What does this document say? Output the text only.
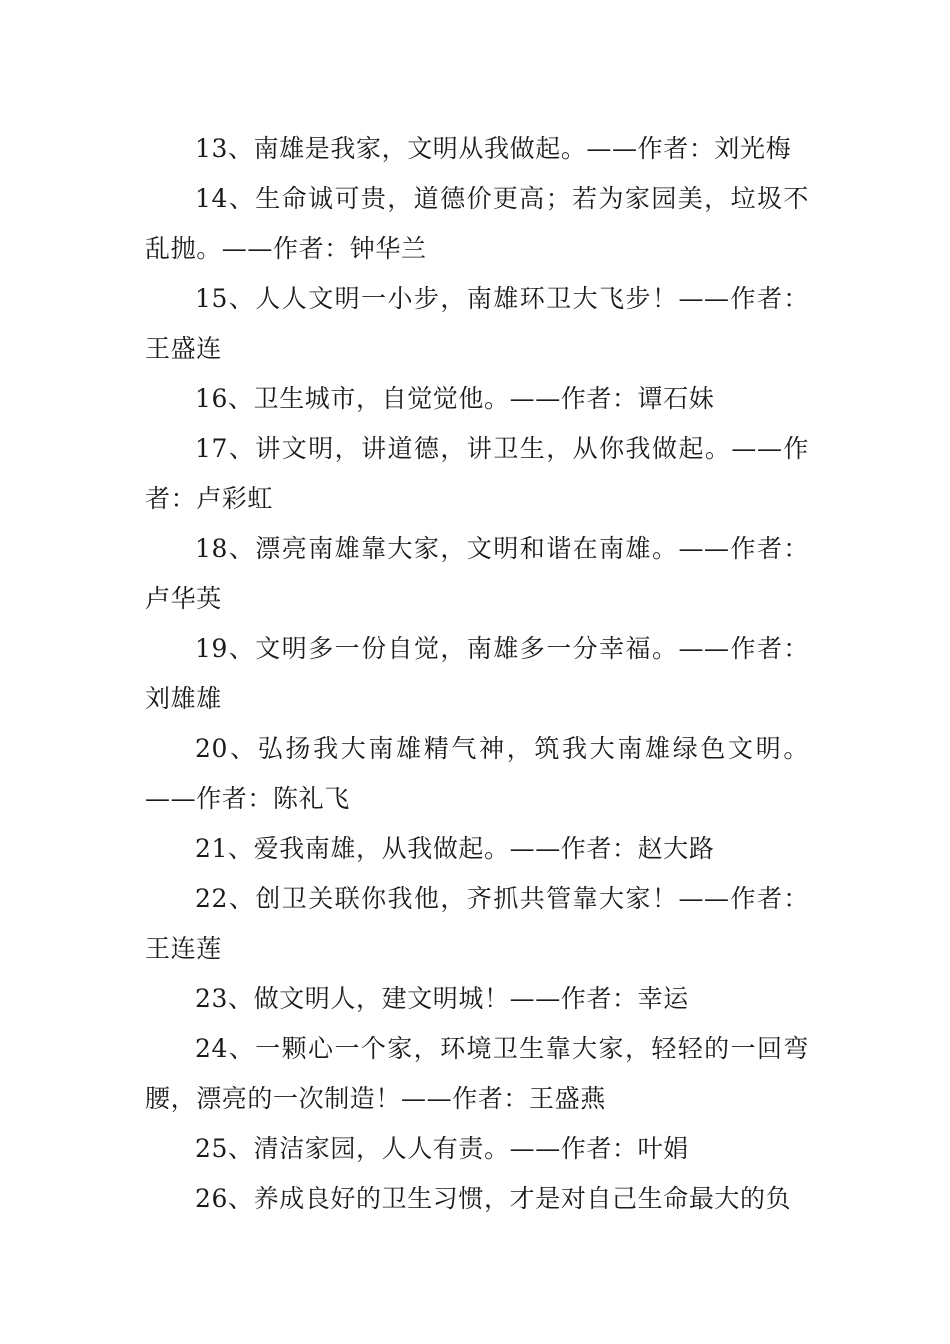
13、南雄是我家，文明从我做起。——作者：刘光梅

14、生命诚可贵，道德价更高；若为家园美，垃圾不乱抛。——作者：钟华兰

15、人人文明一小步，南雄环卫大飞步！——作者：王盛连

16、卫生城市，自觉觉他。——作者：谭石妹

17、讲文明，讲道德，讲卫生，从你我做起。——作者：卢彩虹

18、漂亮南雄靠大家，文明和谐在南雄。——作者：卢华英

19、文明多一份自觉，南雄多一分幸福。——作者：刘雄雄

20、弘扬我大南雄精气神，筑我大南雄绿色文明。——作者：陈礼飞

21、爱我南雄，从我做起。——作者：赵大路

22、创卫关联你我他，齐抓共管靠大家！——作者：王连莲

23、做文明人，建文明城！——作者：幸运

24、一颗心一个家，环境卫生靠大家，轻轻的一回弯腰，漂亮的一次制造！——作者：王盛燕

25、清洁家园，人人有责。——作者：叶娟

26、养成良好的卫生习惯，才是对自己生命最大的负
